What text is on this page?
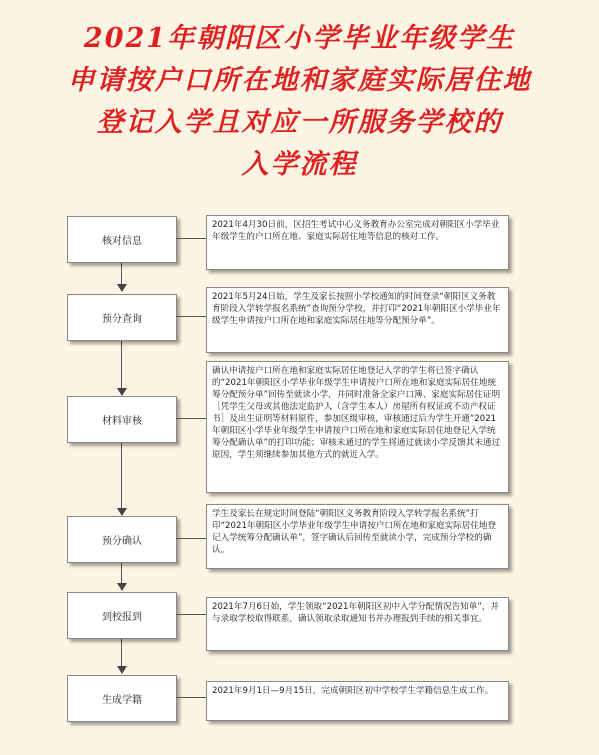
2021年朝阳区小学毕业年级学生
申请按户口所在地和家庭实际居住地
登记入学且对应一所服务学校的
入学流程
核对信息
2021年4月30日前，区招生考试中心义务教育办公室完成对朝阳区小学毕业年级学生的户口所在地、家庭实际居住地等信息的核对工作。
预分查询
2021年5月24日始，学生及家长按照小学校通知的时间登录“朝阳区义务教育阶段入学转学报名系统”查询预分学校，并打印“2021年朝阳区小学毕业年级学生申请按户口所在地和家庭实际居住地等分配预分单”。
材料审核
确认申请按户口所在地和家庭实际居住地登记入学的学生将已签字确认的“2021年朝阳区小学毕业年级学生申请按户口所在地和家庭实际居住地统筹分配预分单”回传至就读小学，并同时准备全家户口簿、家庭实际居住证明［凭学生父母或其他法定监护人（含学生本人）房屋所有权证或不动产权证书］及出生证明等材料原件，参加区级审核，审核通过后为学生开通“2021年朝阳区小学毕业年级学生申请按户口所在地和家庭实际居住地登记入学统筹分配确认单”的打印功能；审核未通过的学生将通过就读小学反馈其未通过原因，学生须继续参加其他方式的就近入学。
预分确认
学生及家长在规定时间登陆“朝阳区义务教育阶段入学转学报名系统”打印“2021年朝阳区小学毕业年级学生申请按户口所在地和家庭实际居住地登记入学统筹分配确认单”，签字确认后回传至就读小学，完成预分学校的确认。
到校报到
2021年7月6日始，学生领取“2021年朝阳区初中入学分配情况告知单”，并与录取学校取得联系，确认领取录取通知书并办理报到手续的相关事宜。
生成学籍
2021年9月1日—9月15日，完成朝阳区初中学校学生学籍信息生成工作。
